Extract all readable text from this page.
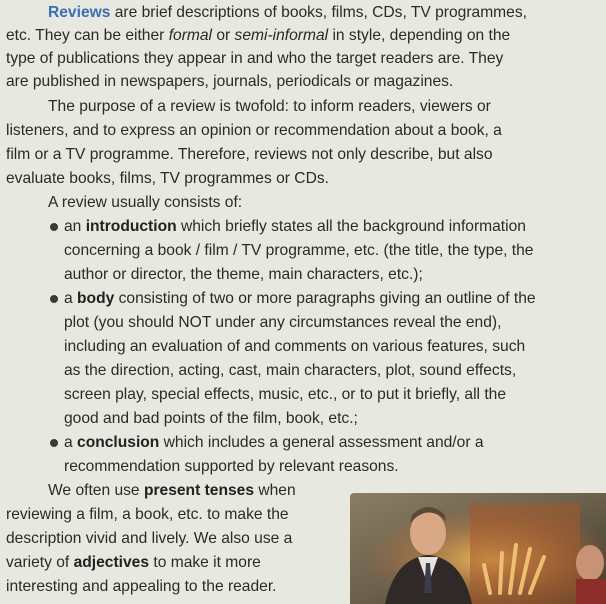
Reviews are brief descriptions of books, films, CDs, TV programmes,
etc. They can be either formal or semi-informal in style, depending on the
type of publications they appear in and who the target readers are. They
are published in newspapers, journals, periodicals or magazines.
The purpose of a review is twofold: to inform readers, viewers or
listeners, and to express an opinion or recommendation about a book, a
film or a TV programme. Therefore, reviews not only describe, but also
evaluate books, films, TV programmes or CDs.
A review usually consists of:
an introduction which briefly states all the background information
concerning a book / film / TV programme, etc. (the title, the type, the
author or director, the theme, main characters, etc.);
a body consisting of two or more paragraphs giving an outline of the
plot (you should NOT under any circumstances reveal the end),
including an evaluation of and comments on various features, such
as the direction, acting, cast, main characters, plot, sound effects,
screen play, special effects, music, etc., or to put it briefly, all the
good and bad points of the film, book, etc.;
a conclusion which includes a general assessment and/or a
recommendation supported by relevant reasons.
We often use present tenses when
reviewing a film, a book, etc. to make the
description vivid and lively. We also use a
variety of adjectives to make it more
interesting and appealing to the reader.
